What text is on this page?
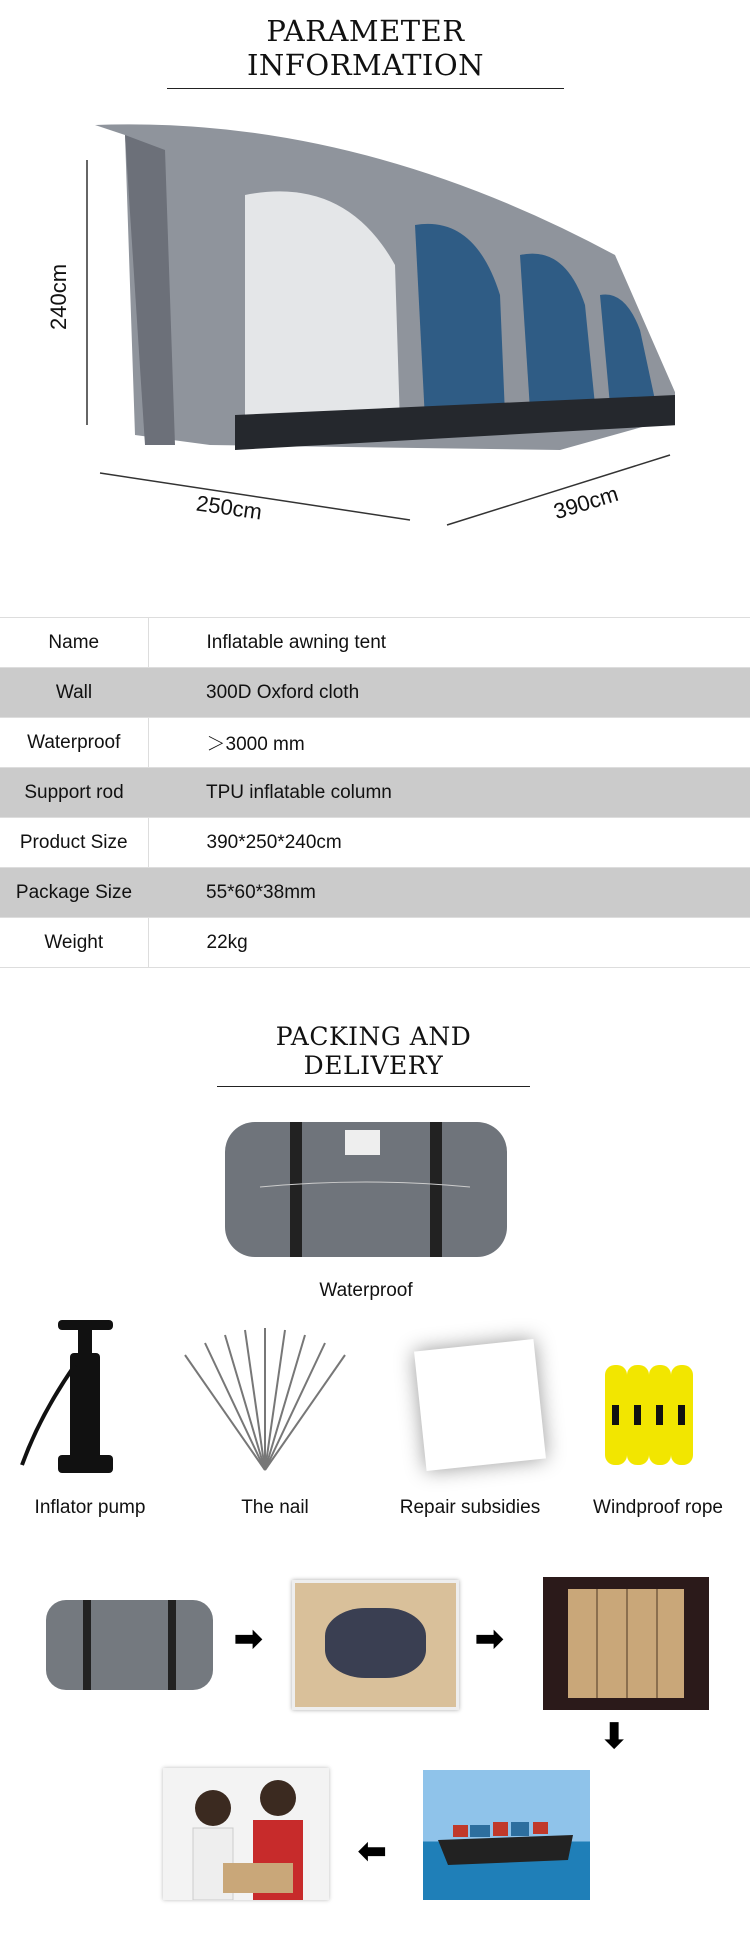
PARAMETER INFORMATION
240cm
250cm	390cm
Name	Inflatable awning tent
Wall	300D Oxford cloth
Waterproof	＞3000 mm
Support rod	TPU inflatable column
Product Size	390*250*240cm
Package Size	55*60*38mm
Weight	22kg
PACKING AND DELIVERY
Waterproof
Inflator pump	The nail	Repair subsidies	Windproof rope
➡	➡
➡
➡
